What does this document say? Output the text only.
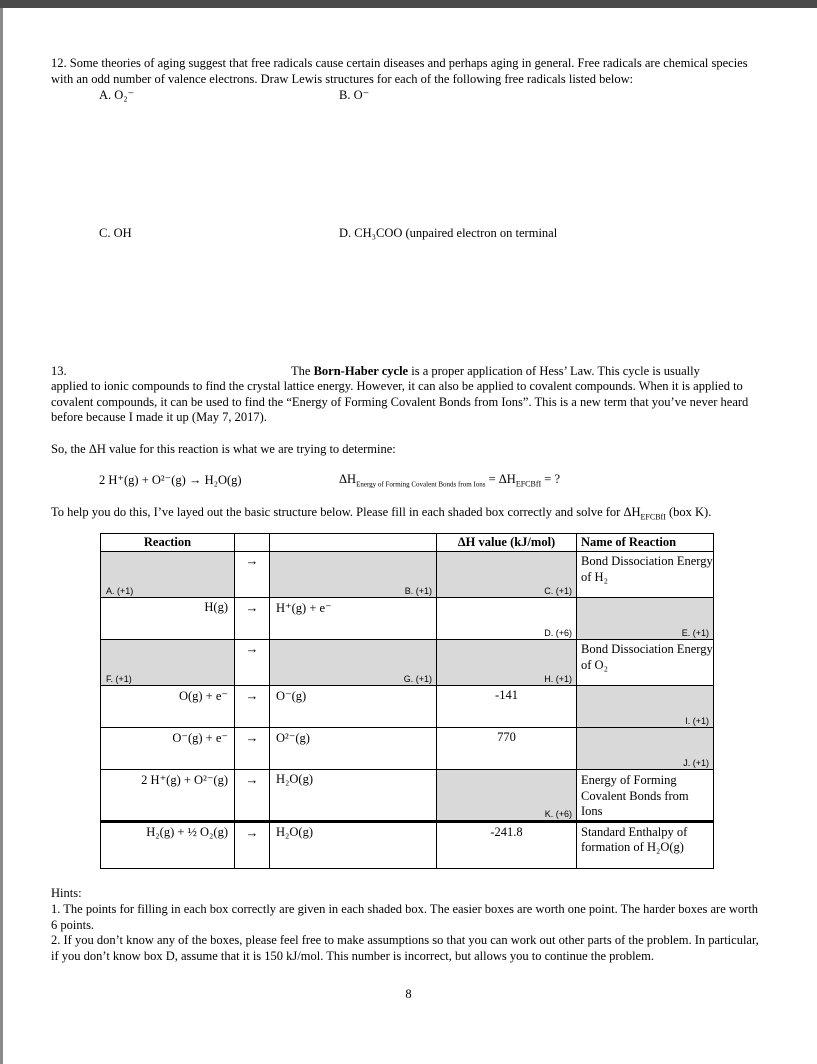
12. Some theories of aging suggest that free radicals cause certain diseases and perhaps aging in general. Free radicals are chemical species with an odd number of valence electrons. Draw Lewis structures for each of the following free radicals listed below:

A. O₂⁻	B. O⁻
C. OH	D. CH₃COO (unpaired electron on terminal
13.	The Born-Haber cycle is a proper application of Hess’ Law. This cycle is usually

applied to ionic compounds to find the crystal lattice energy. However, it can also be applied to covalent compounds. When it is applied to covalent compounds, it can be used to find the “Energy of Forming Covalent Bonds from Ions”. This is a new term that you’ve never heard before because I made it up (May 7, 2017).

So, the ΔH value for this reaction is what we are trying to determine:
2 H⁺(g) + O²⁻(g) → H₂O(g)	$\Delta H_{Energy of Forming Covalent Bonds from Ions} = \Delta H_{EFCBfI}$ = ?
To help you do this, I’ve layed out the basic structure below. Please fill in each shaded box correctly and solve for $\Delta H_{EFCBfI}$ (box K).
Reaction			ΔH value (kJ/mol)	Name of Reaction

A. (+1)	→	B. (+1)	C. (+1)	Bond Dissociation Energy of H₂

H(g)	→	H⁺(g) + e⁻	D. (+6)	E. (+1)

F. (+1)	→	G. (+1)	H. (+1)	Bond Dissociation Energy of O₂

O(g) + e⁻	→	O⁻(g)	-141	I. (+1)

O⁻(g) + e⁻	→	O²⁻(g)	770	J. (+1)

2 H⁺(g) + O²⁻(g)	→	H₂O(g)	K. (+6)	Energy of Forming Covalent Bonds from Ions

H₂(g) + ½ O₂(g)	→	H₂O(g)	-241.8	Standard Enthalpy of formation of H₂O(g)
Hints:

1. The points for filling in each box correctly are given in each shaded box. The easier boxes are worth one point. The harder boxes are worth 6 points.

2. If you don’t know any of the boxes, please feel free to make assumptions so that you can work out other parts of the problem. In particular, if you don’t know box D, assume that it is 150 kJ/mol. This number is incorrect, but allows you to continue the problem.

8
